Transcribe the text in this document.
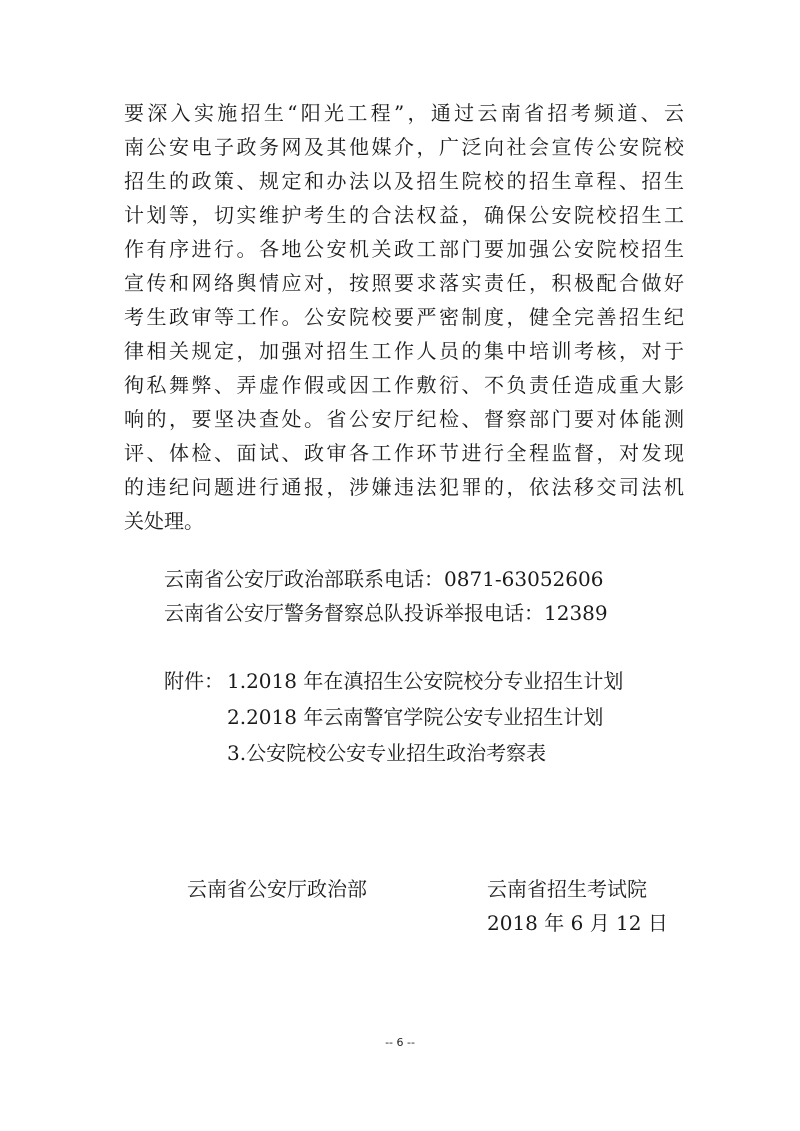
要深入实施招生“阳光工程”，通过云南省招考频道、云
南公安电子政务网及其他媒介，广泛向社会宣传公安院校
招生的政策、规定和办法以及招生院校的招生章程、招生
计划等，切实维护考生的合法权益，确保公安院校招生工
作有序进行。各地公安机关政工部门要加强公安院校招生
宣传和网络舆情应对，按照要求落实责任，积极配合做好
考生政审等工作。公安院校要严密制度，健全完善招生纪
律相关规定，加强对招生工作人员的集中培训考核，对于
徇私舞弊、弄虚作假或因工作敷衍、不负责任造成重大影
响的，要坚决查处。省公安厅纪检、督察部门要对体能测
评、体检、面试、政审各工作环节进行全程监督，对发现
的违纪问题进行通报，涉嫌违法犯罪的，依法移交司法机
关处理。
云南省公安厅政治部联系电话：0871-63052606
云南省公安厅警务督察总队投诉举报电话：12389
附件： 1.2018 年在滇招生公安院校分专业招生计划
2.2018 年云南警官学院公安专业招生计划
3.公安院校公安专业招生政治考察表
云南省公安厅政治部	云南省招生考试院
2018 年 6 月 12 日
-- 6 --
